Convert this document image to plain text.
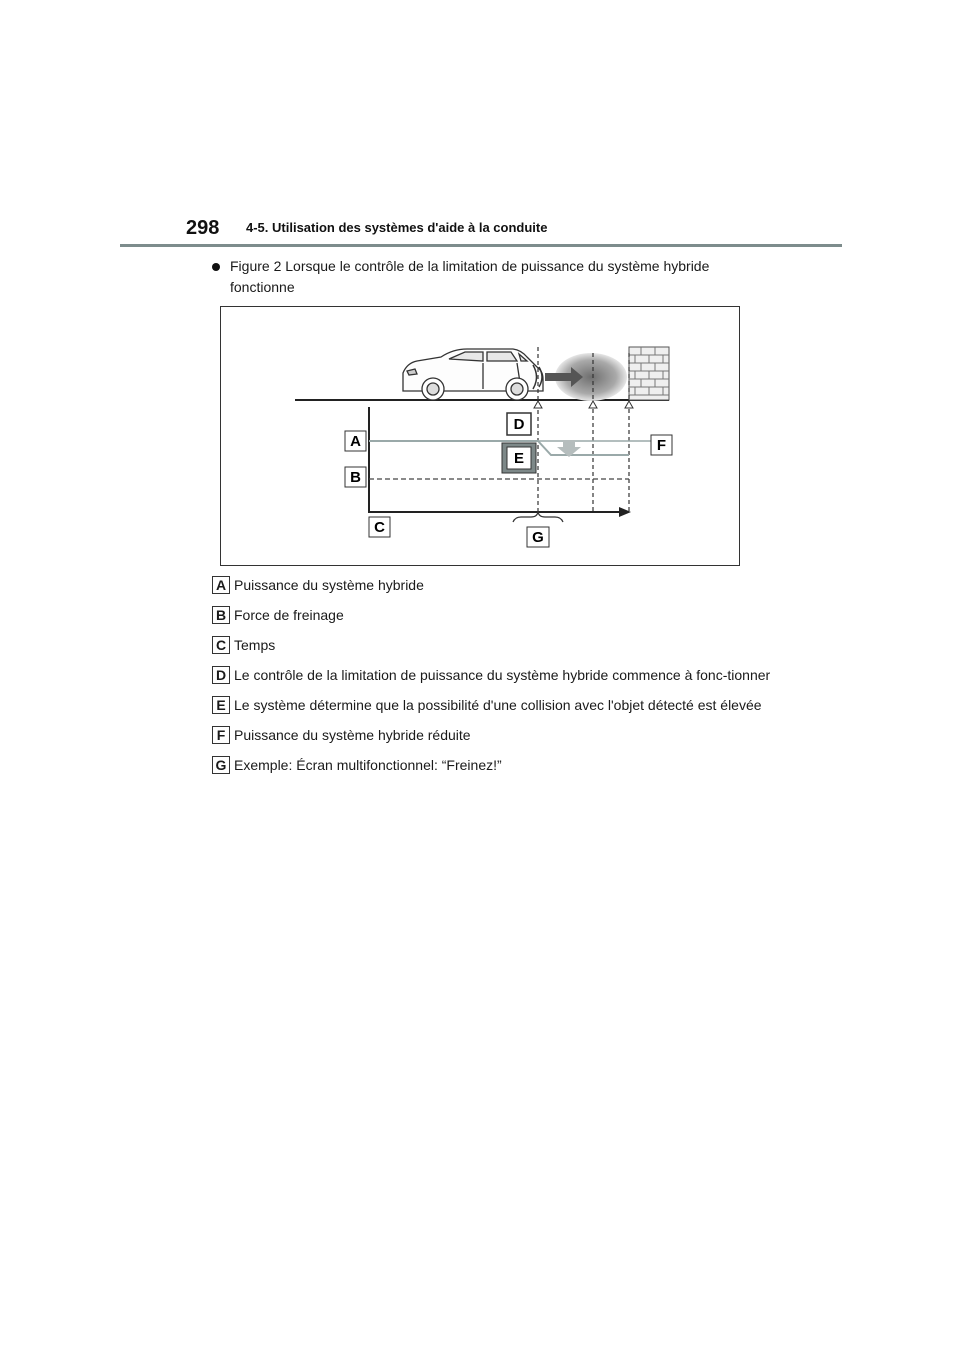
298 4-5. Utilisation des systèmes d'aide à la conduite
Figure 2 Lorsque le contrôle de la limitation de puissance du système hybride fonctionne
A
B
C
D
E
F
G
A Puissance du système hybride
B Force de freinage
C Temps
D Le contrôle de la limitation de puissance du système hybride commence à fonc-tionner
E Le système détermine que la possibilité d'une collision avec l'objet détecté est élevée
F Puissance du système hybride réduite
G Exemple: Écran multifonctionnel: “Freinez!”
